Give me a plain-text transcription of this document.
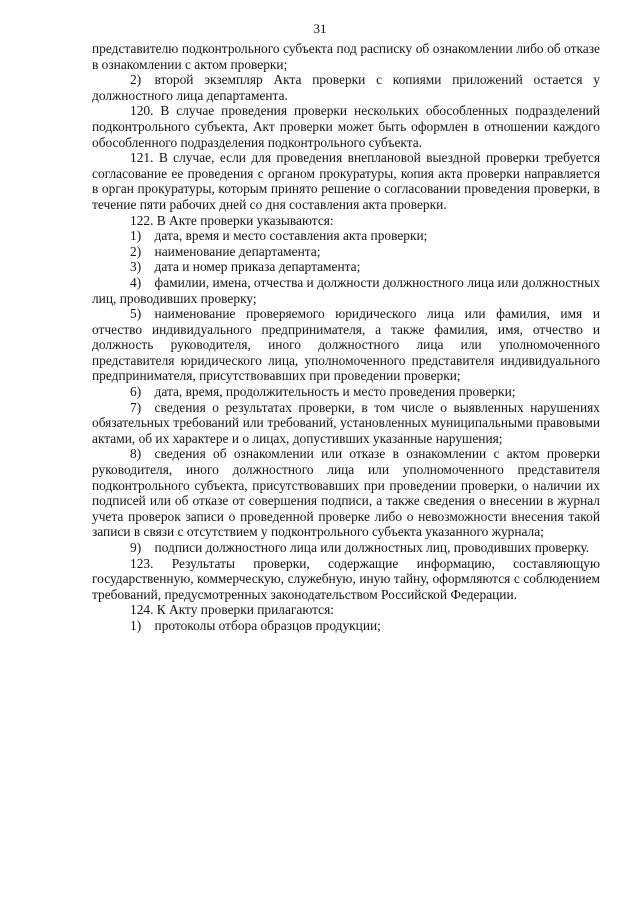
31

представителю подконтрольного субъекта под расписку об ознакомлении либо об отказе в ознакомлении с актом проверки;

2) второй экземпляр Акта проверки с копиями приложений остается у должностного лица департамента.

120. В случае проведения проверки нескольких обособленных подразделений подконтрольного субъекта, Акт проверки может быть оформлен в отношении каждого обособленного подразделения подконтрольного субъекта.

121. В случае, если для проведения внеплановой выездной проверки требуется согласование ее проведения с органом прокуратуры, копия акта проверки направляется в орган прокуратуры, которым принято решение о согласовании проведения проверки, в течение пяти рабочих дней со дня составления акта проверки.

122. В Акте проверки указываются:

1) дата, время и место составления акта проверки;

2) наименование департамента;

3) дата и номер приказа департамента;

4) фамилии, имена, отчества и должности должностного лица или должностных лиц, проводивших проверку;

5) наименование проверяемого юридического лица или фамилия, имя и отчество индивидуального предпринимателя, а также фамилия, имя, отчество и должность руководителя, иного должностного лица или уполномоченного представителя юридического лица, уполномоченного представителя индивидуального предпринимателя, присутствовавших при проведении проверки;

6) дата, время, продолжительность и место проведения проверки;

7) сведения о результатах проверки, в том числе о выявленных нарушениях обязательных требований или требований, установленных муниципальными правовыми актами, об их характере и о лицах, допустивших указанные нарушения;

8) сведения об ознакомлении или отказе в ознакомлении с актом проверки руководителя, иного должностного лица или уполномоченного представителя подконтрольного субъекта, присутствовавших при проведении проверки, о наличии их подписей или об отказе от совершения подписи, а также сведения о внесении в журнал учета проверок записи о проведенной проверке либо о невозможности внесения такой записи в связи с отсутствием у подконтрольного субъекта указанного журнала;

9) подписи должностного лица или должностных лиц, проводивших проверку.

123. Результаты проверки, содержащие информацию, составляющую государственную, коммерческую, служебную, иную тайну, оформляются с соблюдением требований, предусмотренных законодательством Российской Федерации.

124. К Акту проверки прилагаются:

1) протоколы отбора образцов продукции;
